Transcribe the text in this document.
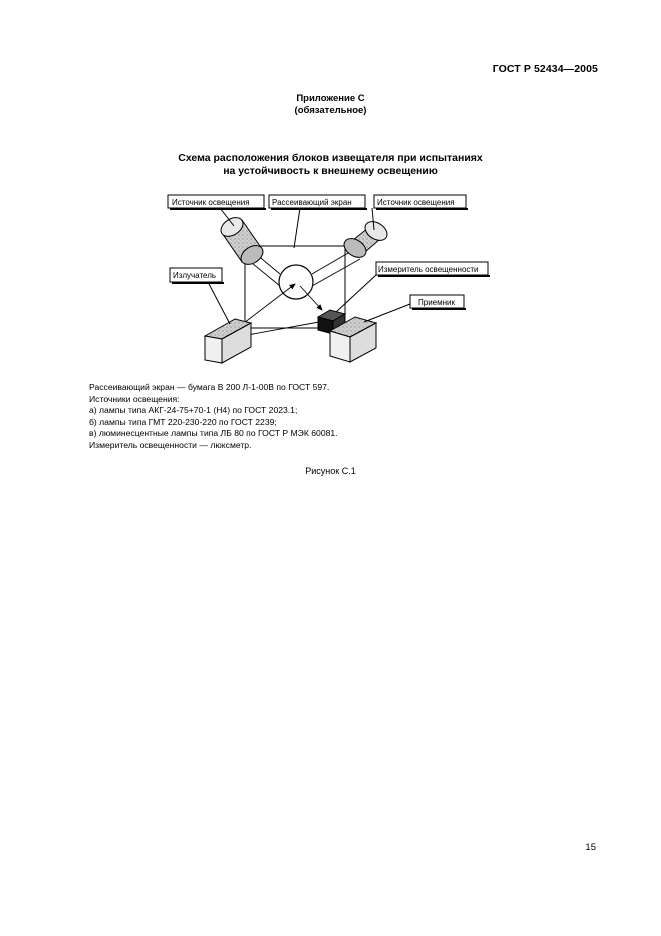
ГОСТ Р 52434—2005
Приложение С
(обязательное)
Схема расположения блоков извещателя при испытаниях
на устойчивость к внешнему освещению
Источник освещения	Рассеивающий экран	Источник освещения
Излучатель
Измеритель освещенности
Приемник
Рассеивающий экран — бумага В 200 Л-1-00В по ГОСТ 597.
Источники освещения:
а) лампы типа АКГ-24-75+70-1 (Н4) по ГОСТ 2023.1;
б) лампы типа ГМТ 220-230-220 по ГОСТ 2239;
в) люминесцентные лампы типа ЛБ 80 по ГОСТ Р МЭК 60081.
Измеритель освещенности — люксметр.
Рисунок С.1
15
